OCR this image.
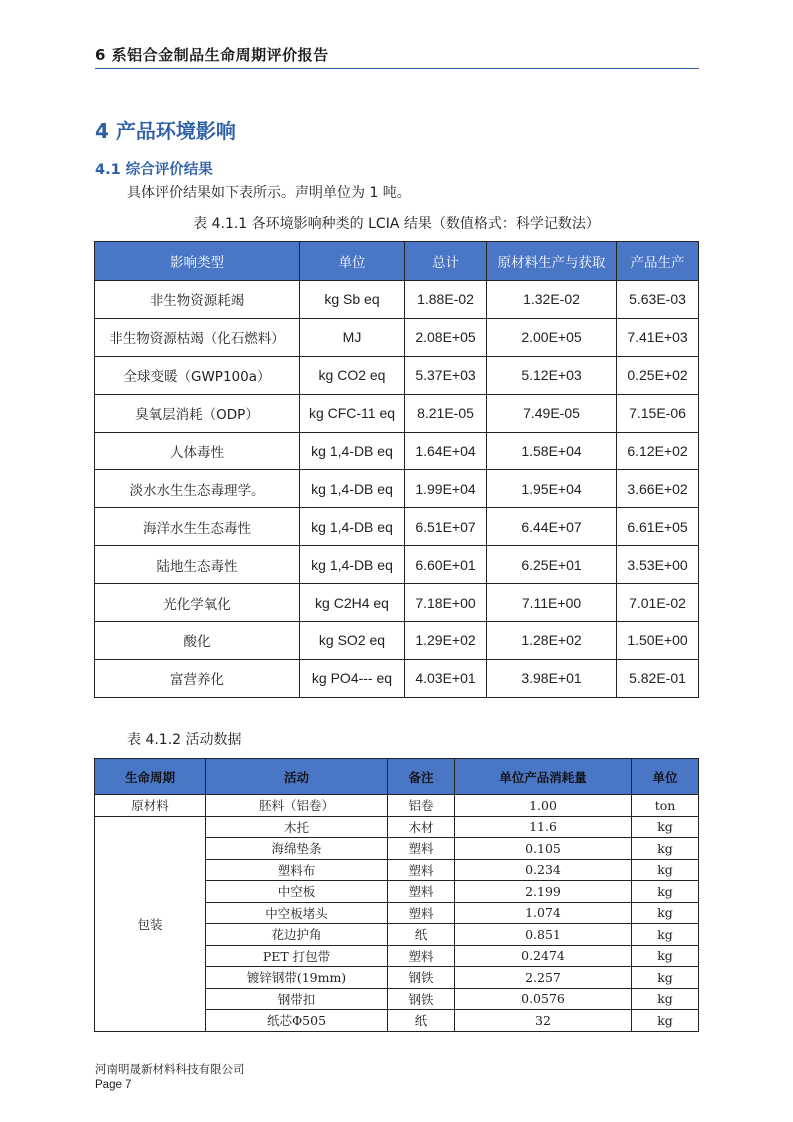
6 系铝合金制品生命周期评价报告
4 产品环境影响
4.1 综合评价结果
具体评价结果如下表所示。声明单位为 1 吨。
表 4.1.1 各环境影响种类的 LCIA 结果（数值格式：科学记数法）
影响类型	单位	总计	原材料生产与获取	产品生产
非生物资源耗竭	kg Sb eq	1.88E-02	1.32E-02	5.63E-03
非生物资源枯竭（化石燃料）	MJ	2.08E+05	2.00E+05	7.41E+03
全球变暖（GWP100a）	kg CO2 eq	5.37E+03	5.12E+03	0.25E+02
臭氧层消耗（ODP）	kg CFC-11 eq	8.21E-05	7.49E-05	7.15E-06
人体毒性	kg 1,4-DB eq	1.64E+04	1.58E+04	6.12E+02
淡水水生生态毒理学。	kg 1,4-DB eq	1.99E+04	1.95E+04	3.66E+02
海洋水生生态毒性	kg 1,4-DB eq	6.51E+07	6.44E+07	6.61E+05
陆地生态毒性	kg 1,4-DB eq	6.60E+01	6.25E+01	3.53E+00
光化学氧化	kg C2H4 eq	7.18E+00	7.11E+00	7.01E-02
酸化	kg SO2 eq	1.29E+02	1.28E+02	1.50E+00
富营养化	kg PO4--- eq	4.03E+01	3.98E+01	5.82E-01
表 4.1.2 活动数据
生命周期	活动	备注	单位产品消耗量	单位
原材料	胚料（铝卷）	铝卷	1.00	ton
包装	木托	木材	11.6	kg
	海绵垫条	塑料	0.105	kg
	塑料布	塑料	0.234	kg
	中空板	塑料	2.199	kg
	中空板堵头	塑料	1.074	kg
	花边护角	纸	0.851	kg
	PET 打包带	塑料	0.2474	kg
	镀锌钢带(19mm)	钢铁	2.257	kg
	钢带扣	钢铁	0.0576	kg
	纸芯Φ505	纸	32	kg
河南明晟新材料科技有限公司
Page 7
